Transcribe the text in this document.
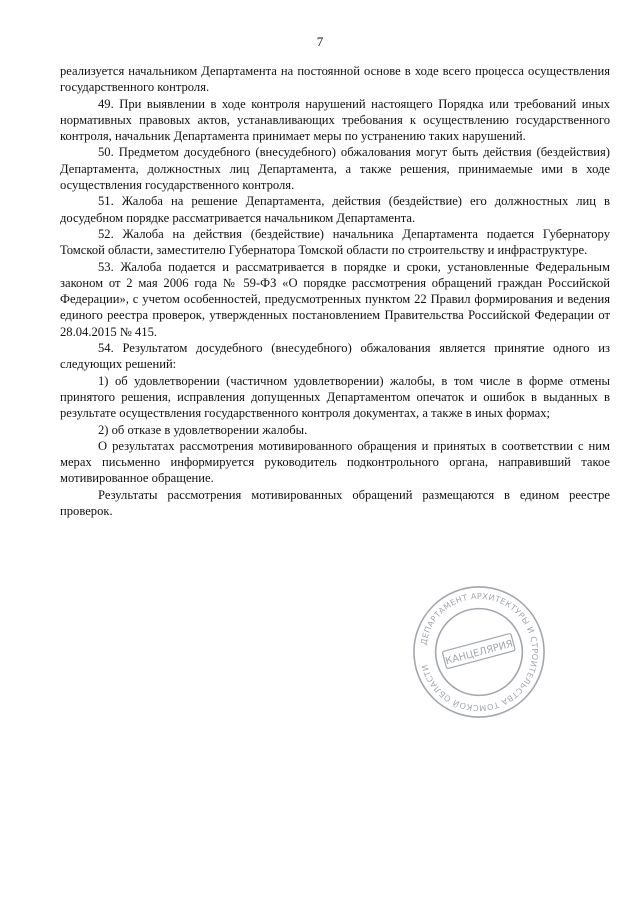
7

реализуется начальником Департамента на постоянной основе в ходе всего процесса осуществления государственного контроля.

49. При выявлении в ходе контроля нарушений настоящего Порядка или требований иных нормативных правовых актов, устанавливающих требования к осуществлению государственного контроля, начальник Департамента принимает меры по устранению таких нарушений.

50. Предметом досудебного (внесудебного) обжалования могут быть действия (бездействия) Департамента, должностных лиц Департамента, а также решения, принимаемые ими в ходе осуществления государственного контроля.

51. Жалоба на решение Департамента, действия (бездействие) его должностных лиц в досудебном порядке рассматривается начальником Департамента.

52. Жалоба на действия (бездействие) начальника Департамента подается Губернатору Томской области, заместителю Губернатора Томской области по строительству и инфраструктуре.

53. Жалоба подается и рассматривается в порядке и сроки, установленные Федеральным законом от 2 мая 2006 года № 59-ФЗ «О порядке рассмотрения обращений граждан Российской Федерации», с учетом особенностей, предусмотренных пунктом 22 Правил формирования и ведения единого реестра проверок, утвержденных постановлением Правительства Российской Федерации от 28.04.2015 № 415.

54. Результатом досудебного (внесудебного) обжалования является принятие одного из следующих решений:

1) об удовлетворении (частичном удовлетворении) жалобы, в том числе в форме отмены принятого решения, исправления допущенных Департаментом опечаток и ошибок в выданных в результате осуществления государственного контроля документах, а также в иных формах;

2) об отказе в удовлетворении жалобы.

О результатах рассмотрения мотивированного обращения и принятых в соответствии с ним мерах письменно информируется руководитель подконтрольного органа, направивший такое мотивированное обращение.

Результаты рассмотрения мотивированных обращений размещаются в едином реестре проверок.

ДЕПАРТАМЕНТ АРХИТЕКТУРЫ И СТРОИТЕЛЬСТВА ТОМСКОЙ ОБЛАСТИ
КАНЦЕЛЯРИЯ
